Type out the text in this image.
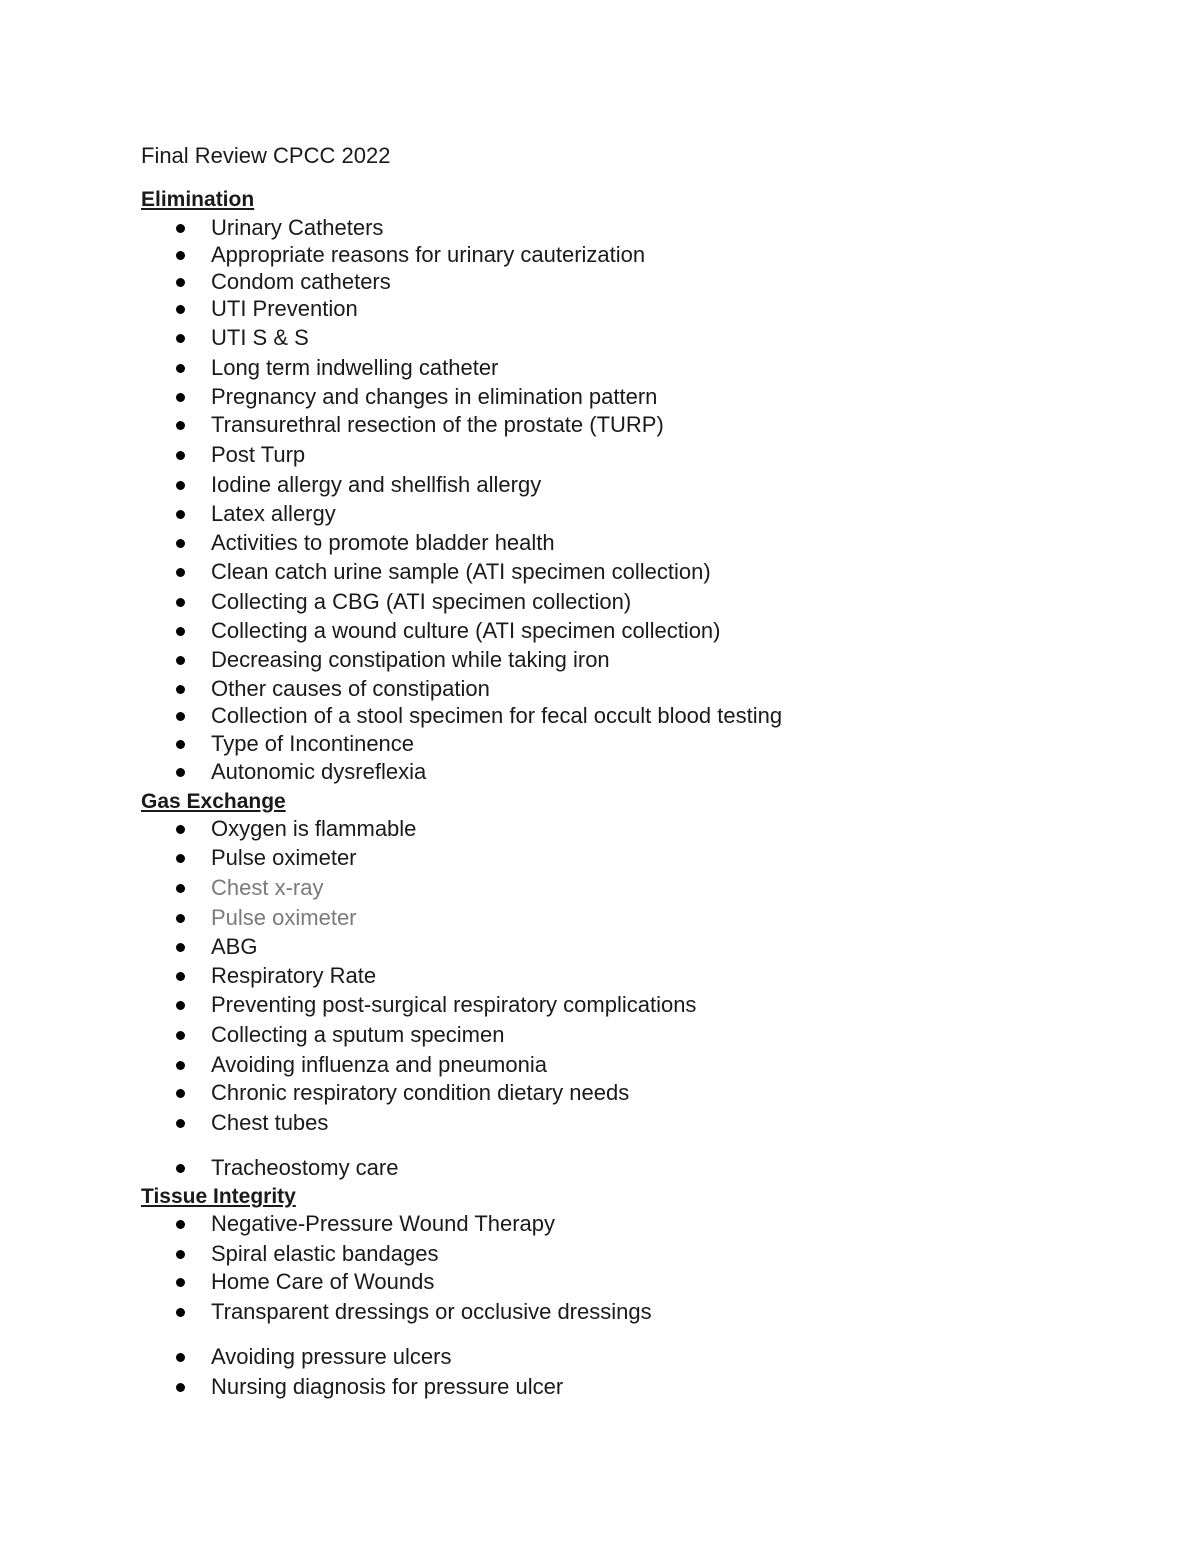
Final Review CPCC 2022
Elimination
Urinary Catheters
Appropriate reasons for urinary cauterization
Condom catheters
UTI Prevention
UTI S & S
Long term indwelling catheter
Pregnancy and changes in elimination pattern
Transurethral resection of the prostate (TURP)
Post Turp
Iodine allergy and shellfish allergy
Latex allergy
Activities to promote bladder health
Clean catch urine sample (ATI specimen collection)
Collecting a CBG (ATI specimen collection)
Collecting a wound culture (ATI specimen collection)
Decreasing constipation while taking iron
Other causes of constipation
Collection of a stool specimen for fecal occult blood testing
Type of Incontinence
Autonomic dysreflexia
Gas Exchange
Oxygen is flammable
Pulse oximeter
Chest x-ray
Pulse oximeter
ABG
Respiratory Rate
Preventing post-surgical respiratory complications
Collecting a sputum specimen
Avoiding influenza and pneumonia
Chronic respiratory condition dietary needs
Chest tubes
Tracheostomy care
Tissue Integrity
Negative-Pressure Wound Therapy
Spiral elastic bandages
Home Care of Wounds
Transparent dressings or occlusive dressings
Avoiding pressure ulcers
Nursing diagnosis for pressure ulcer
